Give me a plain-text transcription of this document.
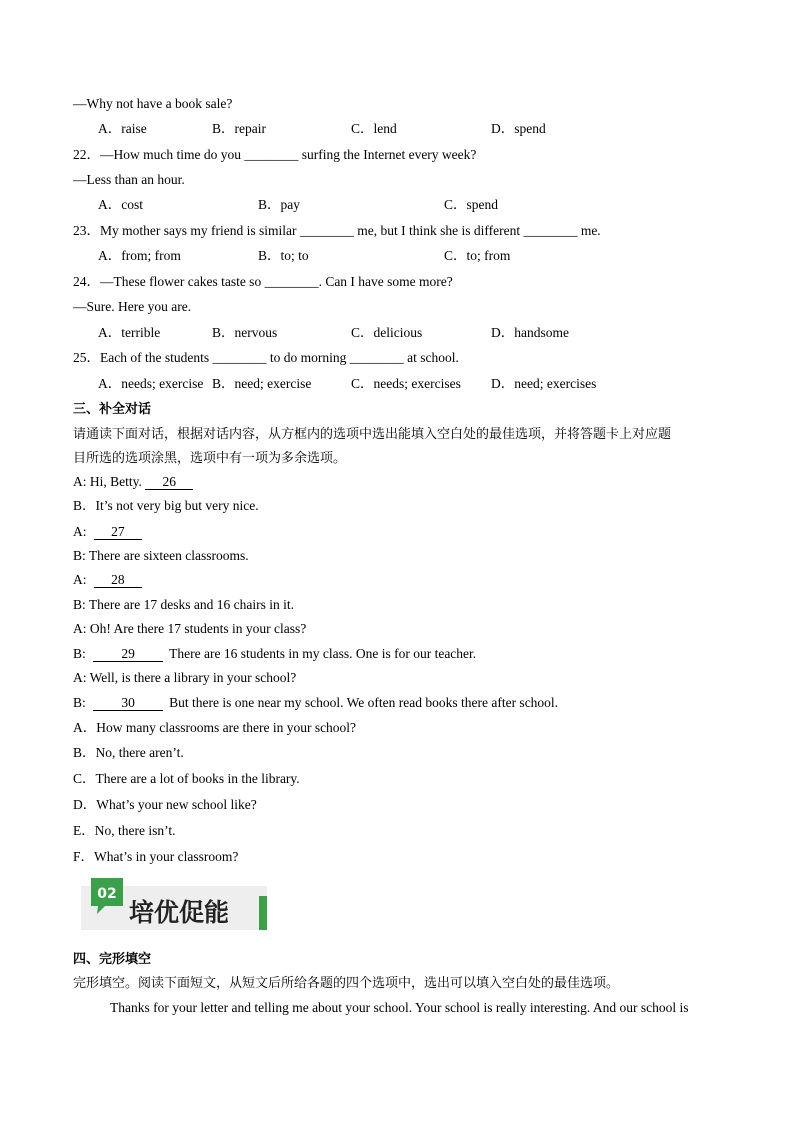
—Why not have a book sale?
A．raise	B．repair	C．lend	D．spend
22．—How much time do you ________ surfing the Internet every week?
—Less than an hour.
A．cost	B．pay	C．spend
23．My mother says my friend is similar ________ me, but I think she is different ________ me.
A．from; from	B．to; to	C．to; from
24．—These flower cakes taste so ________. Can I have some more?
—Sure. Here you are.
A．terrible	B．nervous	C．delicious	D．handsome
25．Each of the students ________ to do morning ________ at school.
A．needs; exercise B．need; exercise	C．needs; exercises D．need; exercises
三、补全对话
请通读下面对话，根据对话内容，从方框内的选项中选出能填入空白处的最佳选项，并将答题卡上对应题
目所选的选项涂黑，选项中有一项为多余选项。
A: Hi, Betty. 26
B．It’s not very big but very nice.
A: 27
B: There are sixteen classrooms.
A: 28
B: There are 17 desks and 16 chairs in it.
A: Oh! Are there 17 students in your class?
B: 29	There are 16 students in my class. One is for our teacher.
A: Well, is there a library in your school?
B: 30	But there is one near my school. We often read books there after school.
A．How many classrooms are there in your school?
B．No, there aren’t.
C．There are a lot of books in the library.
D．What’s your new school like?
E．No, there isn’t.
F．What’s in your classroom?
02
培优促能
四、完形填空
完形填空。阅读下面短文，从短文后所给各题的四个选项中，选出可以填入空白处的最佳选项。
Thanks for your letter and telling me about your school. Your school is really interesting. And our school is
